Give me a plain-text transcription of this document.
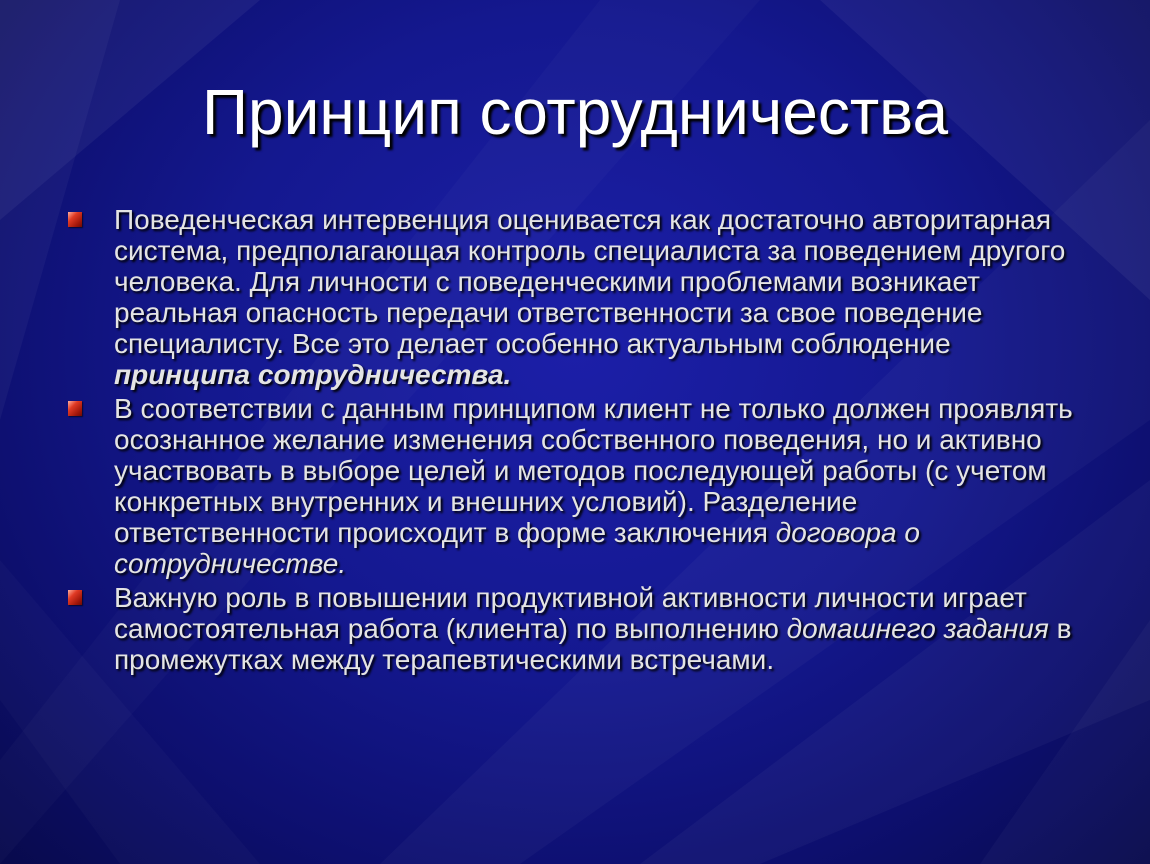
Принцип сотрудничества
Поведенческая интервенция оценивается как достаточно авторитарная система, предполагающая контроль специалиста за поведением другого человека. Для личности с поведенческими проблемами возникает реальная опасность передачи ответственности за свое поведение специалисту. Все это делает особенно актуальным соблюдение принципа сотрудничества.
В соответствии с данным принципом клиент не только должен проявлять осознанное желание изменения собственного поведения, но и активно участвовать в выборе целей и методов последующей работы (с учетом конкретных внутренних и внешних условий). Разделение ответственности происходит в форме заключения договора о сотрудничестве.
Важную роль в повышении продуктивной активности личности играет самостоятельная работа (клиента) по выполнению домашнего задания в промежутках между терапевтическими встречами.
